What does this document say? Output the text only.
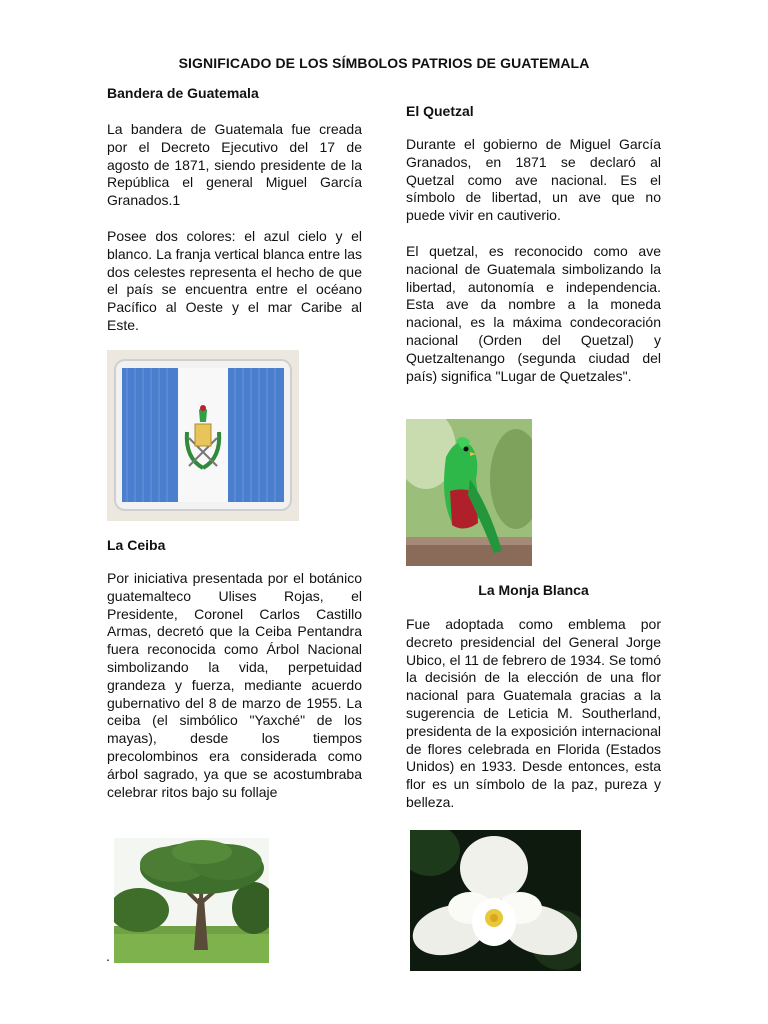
SIGNIFICADO DE LOS SÍMBOLOS PATRIOS DE GUATEMALA
Bandera de Guatemala

La bandera de Guatemala fue creada por el Decreto Ejecutivo del 17 de agosto de 1871, siendo presidente de la República el general Miguel García Granados.1

Posee dos colores: el azul cielo y el blanco. La franja vertical blanca entre las dos celestes representa el hecho de que el país se encuentra entre el océano Pacífico al Oeste y el mar Caribe al Este.

La Ceiba

Por iniciativa presentada por el botánico guatemalteco Ulises Rojas, el Presidente, Coronel Carlos Castillo Armas, decretó que la Ceiba Pentandra fuera reconocida como Árbol Nacional simbolizando la vida, perpetuidad grandeza y fuerza, mediante acuerdo gubernativo del 8 de marzo de 1955. La ceiba (el simbólico "Yaxché" de los mayas), desde los tiempos precolombinos era considerada como árbol sagrado, ya que se acostumbraba celebrar ritos bajo su follaje

.
El Quetzal

Durante el gobierno de Miguel García Granados, en 1871 se declaró al Quetzal como ave nacional. Es el símbolo de libertad, un ave que no puede vivir en cautiverio.

El quetzal, es reconocido como ave nacional de Guatemala simbolizando la libertad, autonomía e independencia. Esta ave da nombre a la moneda nacional, es la máxima condecoración nacional (Orden del Quetzal) y Quetzaltenango (segunda ciudad del país) significa "Lugar de Quetzales".

La Monja Blanca

Fue adoptada como emblema por decreto presidencial del General Jorge Ubico, el 11 de febrero de 1934. Se tomó la decisión de la elección de una flor nacional para Guatemala gracias a la sugerencia de Leticia M. Southerland, presidenta de la exposición internacional de flores celebrada en Florida (Estados Unidos) en 1933. Desde entonces, esta flor es un símbolo de la paz, pureza y belleza.
